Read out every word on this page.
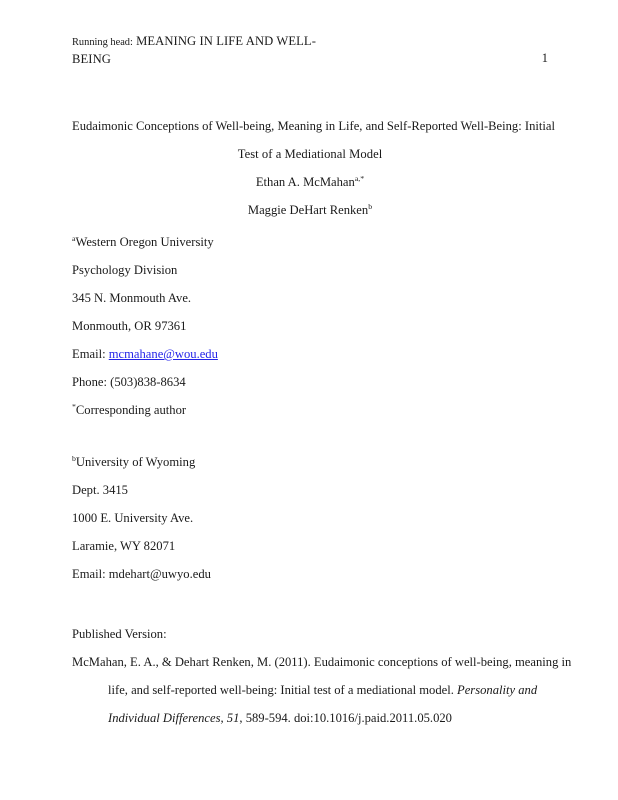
Running head: MEANING IN LIFE AND WELL-
BEING	1
Eudaimonic Conceptions of Well-being, Meaning in Life, and Self-Reported Well-Being: Initial
Test of a Mediational Model
Ethan A. McMahan$^{a,*}$
Maggie DeHart Renken$^b$
$^a$Western Oregon University
Psychology Division
345 N. Monmouth Ave.
Monmouth, OR 97361
Email: mcmahane@wou.edu
Phone: (503)838-8634
*Corresponding author
$^b$University of Wyoming
Dept. 3415
1000 E. University Ave.
Laramie, WY 82071
Email: mdehart@uwyo.edu
Published Version:
McMahan, E. A., & Dehart Renken, M. (2011). Eudaimonic conceptions of well-being, meaning in life, and self-reported well-being: Initial test of a mediational model. Personality and Individual Differences, 51, 589-594. doi:10.1016/j.paid.2011.05.020
